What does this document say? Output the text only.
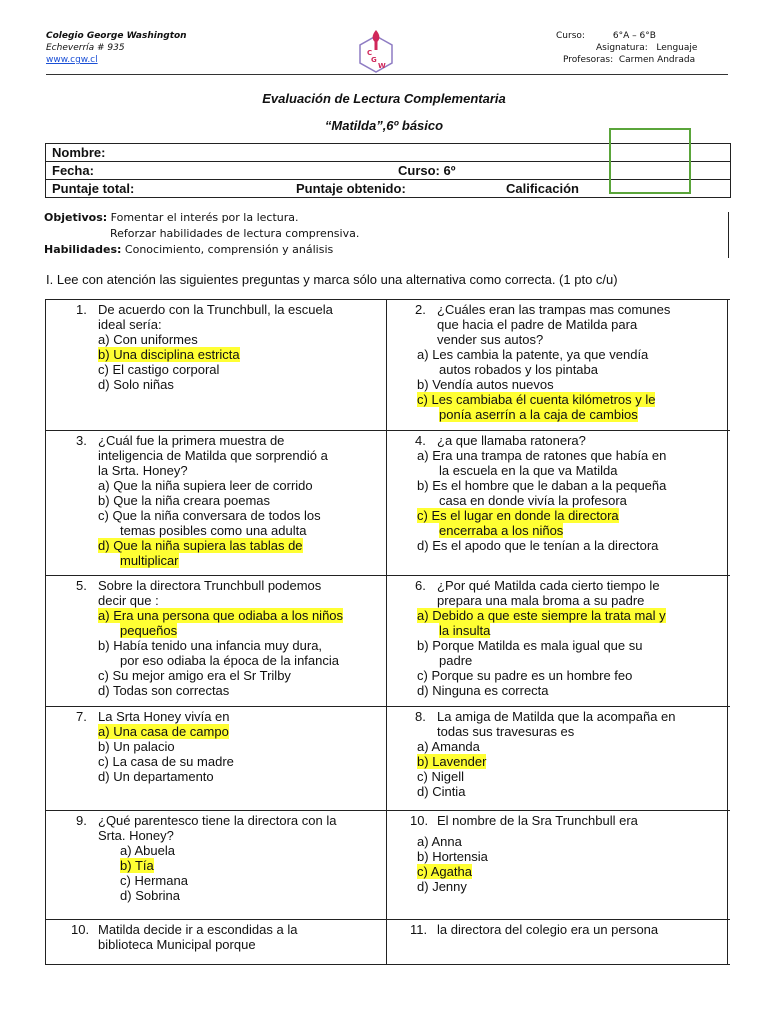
Colegio George Washington
Echeverría # 935
www.cgw.cl
C
G
W
Curso:	6°A – 6°B
Asignatura: Lenguaje
Profesoras: Carmen Andrada
Evaluación de Lectura Complementaria
“Matilda”,6º básico
Nombre:
Fecha:	Curso: 6º
Puntaje total:	Puntaje obtenido:	Calificación
Objetivos: Fomentar el interés por la lectura.
Reforzar habilidades de lectura comprensiva.
Habilidades: Conocimiento, comprensión y análisis
I. Lee con atención las siguientes preguntas y marca sólo una alternativa como correcta. (1 pto c/u)
1. De acuerdo con la Trunchbull, la escuela
ideal sería:
a) Con uniformes
b) Una disciplina estricta
c) El castigo corporal
d) Solo niñas
2. ¿Cuáles eran las trampas mas comunes
que hacia el padre de Matilda para
vender sus autos?
a) Les cambia la patente, ya que vendía
autos robados y los pintaba
b) Vendía autos nuevos
c) Les cambiaba él cuenta kilómetros y le
ponía aserrín a la caja de cambios
3. ¿Cuál fue la primera muestra de
inteligencia de Matilda que sorprendió a
la Srta. Honey?
a) Que la niña supiera leer de corrido
b) Que la niña creara poemas
c) Que la niña conversara de todos los
temas posibles como una adulta
d) Que la niña supiera las tablas de
multiplicar
4. ¿a que llamaba ratonera?
a) Era una trampa de ratones que había en
la escuela en la que va Matilda
b) Es el hombre que le daban a la pequeña
casa en donde vivía la profesora
c) Es el lugar en donde la directora
encerraba a los niños
d) Es el apodo que le tenían a la directora
5. Sobre la directora Trunchbull podemos
decir que :
a) Era una persona que odiaba a los niños
pequeños
b) Había tenido una infancia muy dura,
por eso odiaba la época de la infancia
c) Su mejor amigo era el Sr Trilby
d) Todas son correctas
6. ¿Por qué Matilda cada cierto tiempo le
prepara una mala broma a su padre
a) Debido a que este siempre la trata mal y
la insulta
b) Porque Matilda es mala igual que su
padre
c) Porque su padre es un hombre feo
d) Ninguna es correcta
7. La Srta Honey vivía en
a) Una casa de campo
b) Un palacio
c) La casa de su madre
d) Un departamento
8. La amiga de Matilda que la acompaña en
todas sus travesuras es
a) Amanda
b) Lavender
c) Nigell
d) Cintia
9. ¿Qué parentesco tiene la directora con la
Srta. Honey?
a) Abuela
b) Tía
c) Hermana
d) Sobrina
10. El nombre de la Sra Trunchbull era
a) Anna
b) Hortensia
c) Agatha
d) Jenny
10. Matilda decide ir a escondidas a la
biblioteca Municipal porque
11. la directora del colegio era un persona
